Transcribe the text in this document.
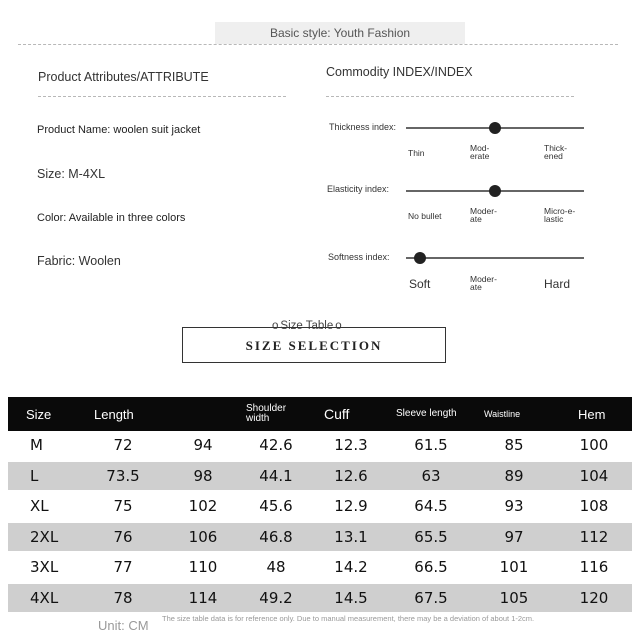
Basic style: Youth Fashion
Product Attributes/ATTRIBUTE
Product Name: woolen suit jacket
Size: M-4XL
Color: Available in three colors
Fabric: Woolen
Commodity INDEX/INDEX
Thickness index:
Thin	Mod-
erate
Thick-
ened
Elasticity index:
No bullet	Moder-
ate
Micro-e-
lastic
Softness index:
Soft	Moder-
ate	Hard
o Size Table o
SIZE SELECTION
Size	Length		Shoulder width	Cuff	Sleeve length	Waistline	Hem
M	72	94	42.6	12.3	61.5	85	100
L	73.5	98	44.1	12.6	63	89	104
XL	75	102	45.6	12.9	64.5	93	108
2XL	76	106	46.8	13.1	65.5	97	112
3XL	77	110	48	14.2	66.5	101	116
4XL	78	114	49.2	14.5	67.5	105	120
Unit: CM The size table data is for reference only. Due to manual measurement, there may be a deviation of about 1-2cm.
